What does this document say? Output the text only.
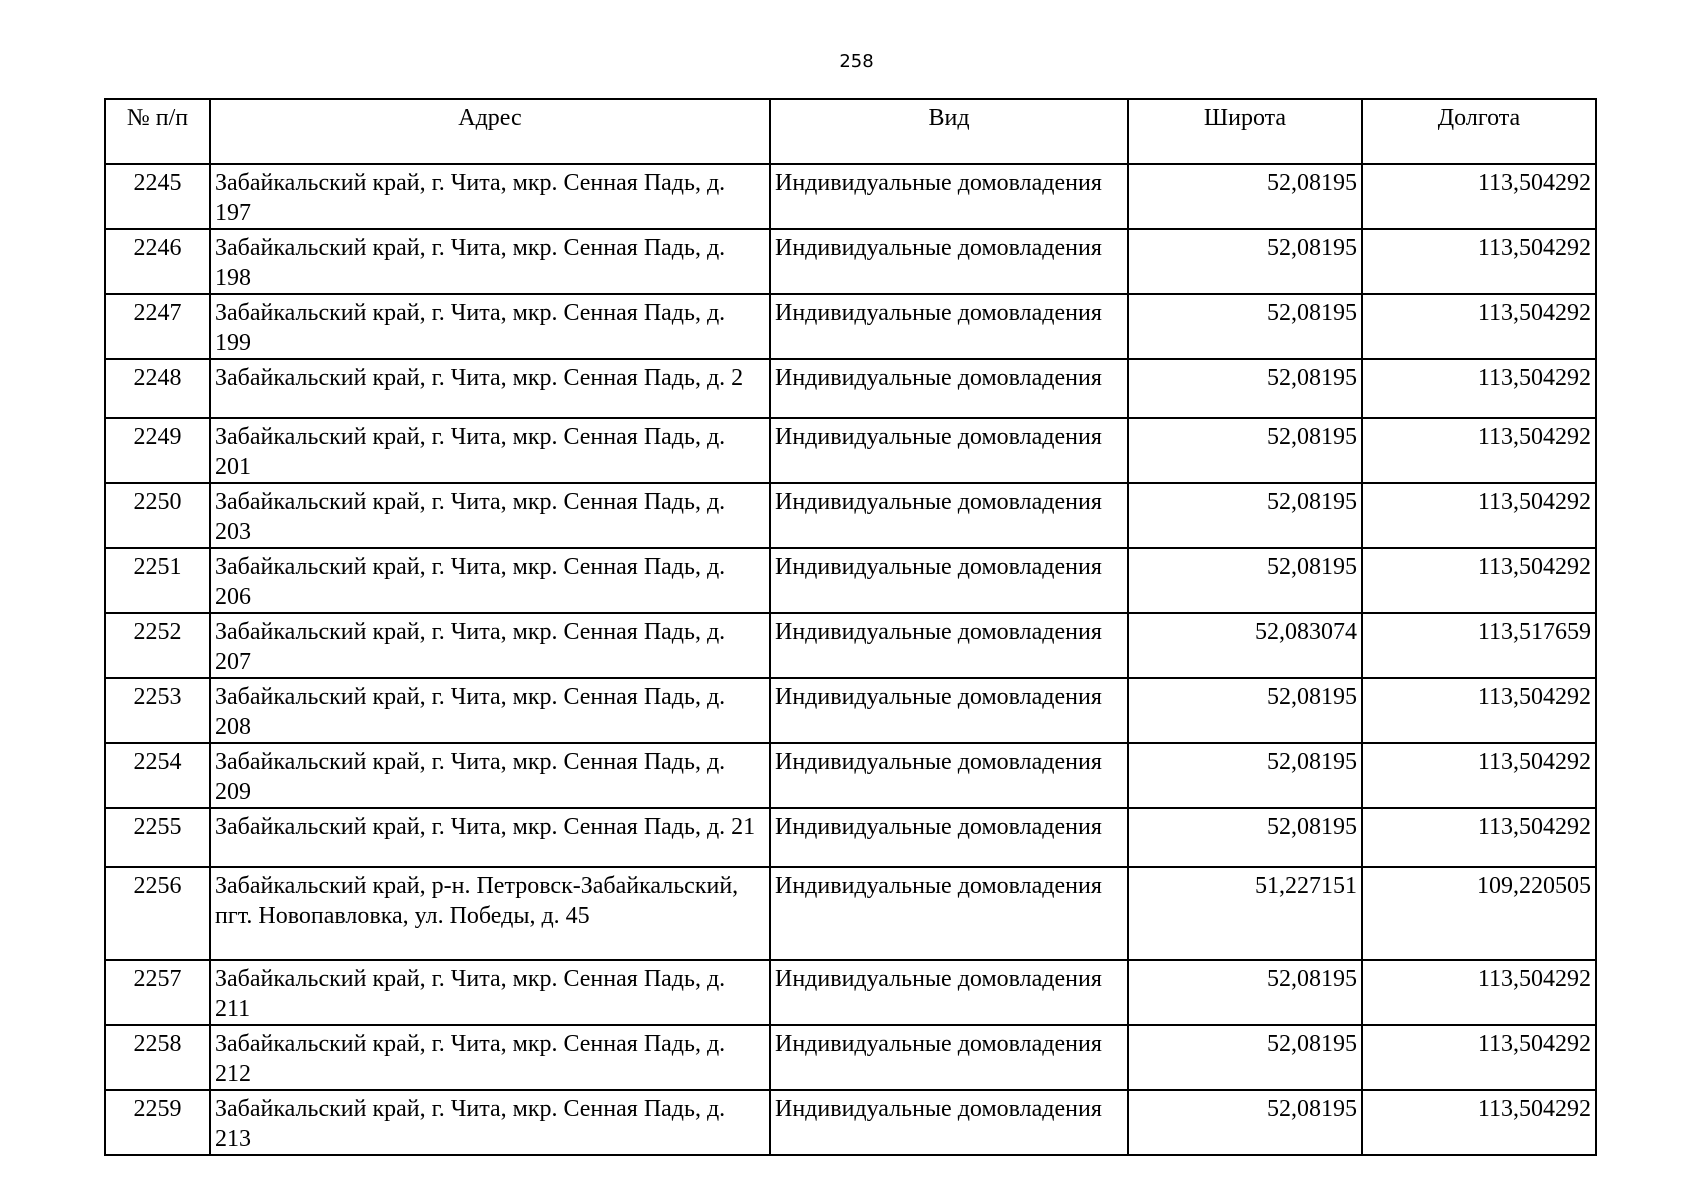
258
№ п/п	Адрес	Вид	Широта	Долгота
2245	Забайкальский край, г. Чита, мкр. Сенная Падь, д. 197	Индивидуальные домовладения	52,08195	113,504292
2246	Забайкальский край, г. Чита, мкр. Сенная Падь, д. 198	Индивидуальные домовладения	52,08195	113,504292
2247	Забайкальский край, г. Чита, мкр. Сенная Падь, д. 199	Индивидуальные домовладения	52,08195	113,504292
2248	Забайкальский край, г. Чита, мкр. Сенная Падь, д. 2	Индивидуальные домовладения	52,08195	113,504292
2249	Забайкальский край, г. Чита, мкр. Сенная Падь, д. 201	Индивидуальные домовладения	52,08195	113,504292
2250	Забайкальский край, г. Чита, мкр. Сенная Падь, д. 203	Индивидуальные домовладения	52,08195	113,504292
2251	Забайкальский край, г. Чита, мкр. Сенная Падь, д. 206	Индивидуальные домовладения	52,08195	113,504292
2252	Забайкальский край, г. Чита, мкр. Сенная Падь, д. 207	Индивидуальные домовладения	52,083074	113,517659
2253	Забайкальский край, г. Чита, мкр. Сенная Падь, д. 208	Индивидуальные домовладения	52,08195	113,504292
2254	Забайкальский край, г. Чита, мкр. Сенная Падь, д. 209	Индивидуальные домовладения	52,08195	113,504292
2255	Забайкальский край, г. Чита, мкр. Сенная Падь, д. 21	Индивидуальные домовладения	52,08195	113,504292
2256	Забайкальский край, р-н. Петровск-Забайкальский, пгт. Новопавловка, ул. Победы, д. 45	Индивидуальные домовладения	51,227151	109,220505
2257	Забайкальский край, г. Чита, мкр. Сенная Падь, д. 211	Индивидуальные домовладения	52,08195	113,504292
2258	Забайкальский край, г. Чита, мкр. Сенная Падь, д. 212	Индивидуальные домовладения	52,08195	113,504292
2259	Забайкальский край, г. Чита, мкр. Сенная Падь, д. 213	Индивидуальные домовладения	52,08195	113,504292
